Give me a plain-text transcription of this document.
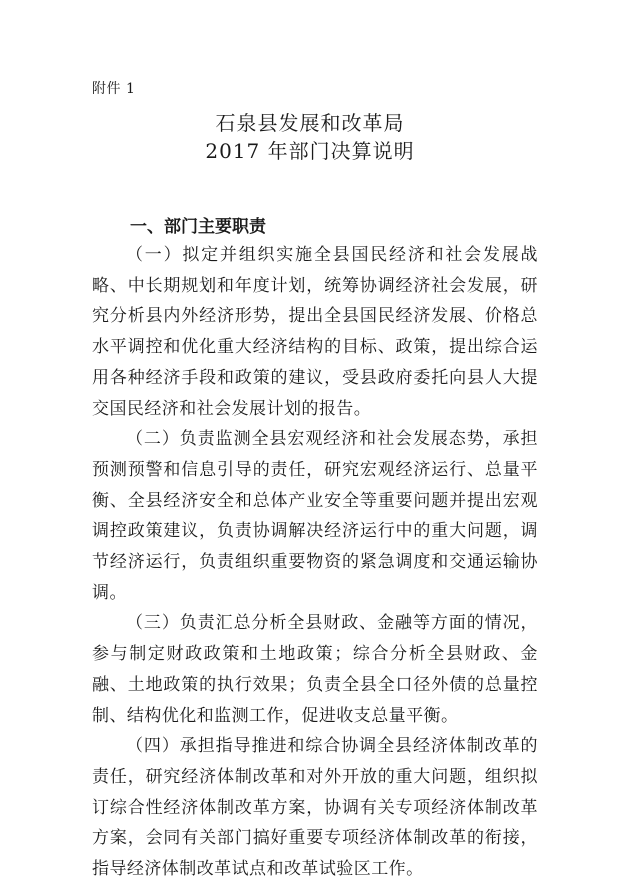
附件 1
石泉县发展和改革局
2017 年部门决算说明
一、部门主要职责

（一）拟定并组织实施全县国民经济和社会发展战略、中长期规划和年度计划，统筹协调经济社会发展，研究分析县内外经济形势，提出全县国民经济发展、价格总水平调控和优化重大经济结构的目标、政策，提出综合运用各种经济手段和政策的建议，受县政府委托向县人大提交国民经济和社会发展计划的报告。

（二）负责监测全县宏观经济和社会发展态势，承担预测预警和信息引导的责任，研究宏观经济运行、总量平衡、全县经济安全和总体产业安全等重要问题并提出宏观调控政策建议，负责协调解决经济运行中的重大问题，调节经济运行，负责组织重要物资的紧急调度和交通运输协调。

（三）负责汇总分析全县财政、金融等方面的情况，参与制定财政政策和土地政策；综合分析全县财政、金融、土地政策的执行效果；负责全县全口径外债的总量控制、结构优化和监测工作，促进收支总量平衡。

（四）承担指导推进和综合协调全县经济体制改革的责任，研究经济体制改革和对外开放的重大问题，组织拟订综合性经济体制改革方案，协调有关专项经济体制改革方案，会同有关部门搞好重要专项经济体制改革的衔接，指导经济体制改革试点和改革试验区工作。
